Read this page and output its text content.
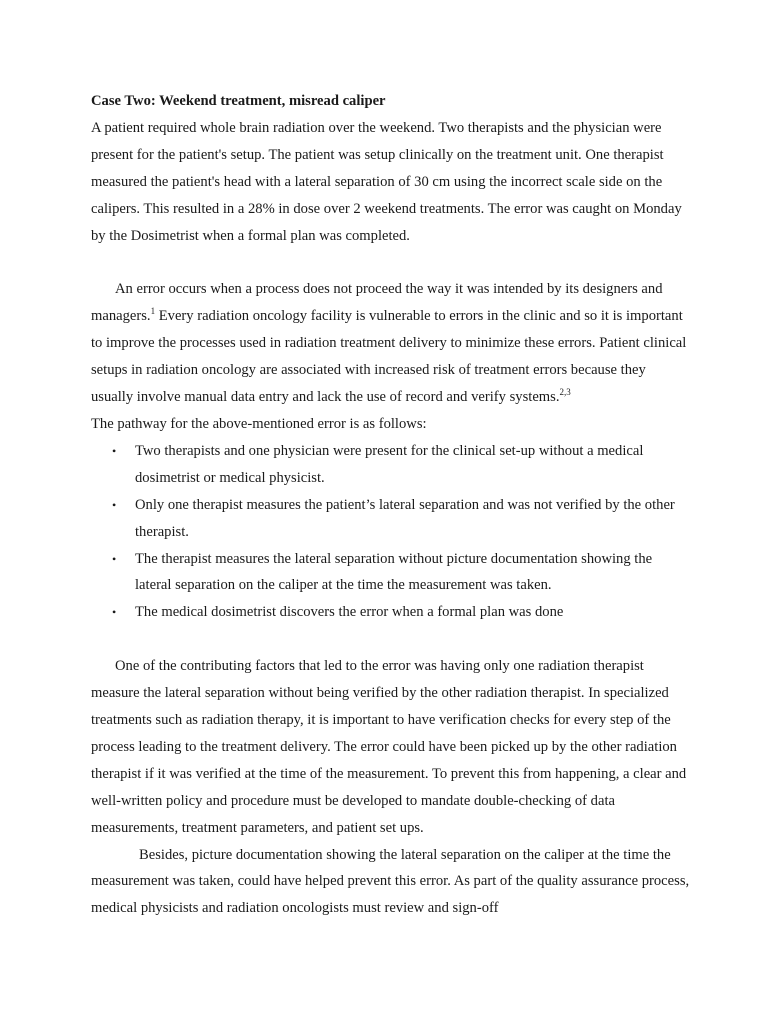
Case Two: Weekend treatment, misread caliper

A patient required whole brain radiation over the weekend. Two therapists and the physician were present for the patient's setup. The patient was setup clinically on the treatment unit. One therapist measured the patient's head with a lateral separation of 30 cm using the incorrect scale side on the calipers. This resulted in a 28% in dose over 2 weekend treatments. The error was caught on Monday by the Dosimetrist when a formal plan was completed.

An error occurs when a process does not proceed the way it was intended by its designers and managers.$^1$ Every radiation oncology facility is vulnerable to errors in the clinic and so it is important to improve the processes used in radiation treatment delivery to minimize these errors. Patient clinical setups in radiation oncology are associated with increased risk of treatment errors because they usually involve manual data entry and lack the use of record and verify systems.$^{2,3}$

The pathway for the above-mentioned error is as follows:

• Two therapists and one physician were present for the clinical set-up without a medical dosimetrist or medical physicist.
• Only one therapist measures the patient’s lateral separation and was not verified by the other therapist.
• The therapist measures the lateral separation without picture documentation showing the lateral separation on the caliper at the time the measurement was taken.
• The medical dosimetrist discovers the error when a formal plan was done

One of the contributing factors that led to the error was having only one radiation therapist measure the lateral separation without being verified by the other radiation therapist. In specialized treatments such as radiation therapy, it is important to have verification checks for every step of the process leading to the treatment delivery. The error could have been picked up by the other radiation therapist if it was verified at the time of the measurement. To prevent this from happening, a clear and well-written policy and procedure must be developed to mandate double-checking of data measurements, treatment parameters, and patient set ups.

Besides, picture documentation showing the lateral separation on the caliper at the time the measurement was taken, could have helped prevent this error. As part of the quality assurance process, medical physicists and radiation oncologists must review and sign-off
